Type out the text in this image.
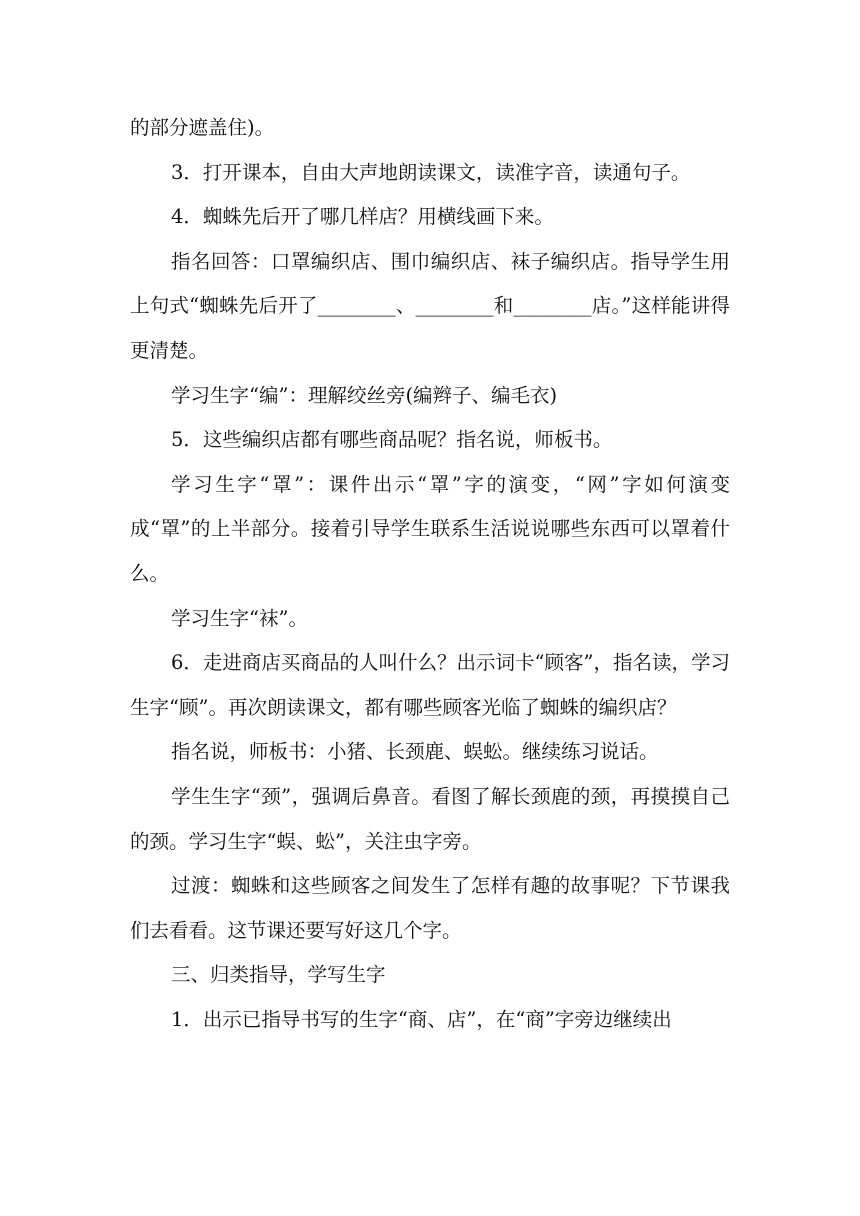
的部分遮盖住)。

3．打开课本，自由大声地朗读课文，读准字音，读通句子。

4．蜘蛛先后开了哪几样店？用横线画下来。

指名回答：口罩编织店、围巾编织店、袜子编织店。指导学生用上句式“蜘蛛先后开了________、________和________店。”这样能讲得更清楚。

学习生字“编”：理解绞丝旁(编辫子、编毛衣)

5．这些编织店都有哪些商品呢？指名说，师板书。

学习生字“罩”：课件出示“罩”字的演变，“网”字如何演变成“罩”的上半部分。接着引导学生联系生活说说哪些东西可以罩着什么。

学习生字“袜”。

6．走进商店买商品的人叫什么？出示词卡“顾客”，指名读，学习生字“顾”。再次朗读课文，都有哪些顾客光临了蜘蛛的编织店？

指名说，师板书：小猪、长颈鹿、蜈蚣。继续练习说话。

学生生字“颈”，强调后鼻音。看图了解长颈鹿的颈，再摸摸自己的颈。学习生字“蜈、蚣”，关注虫字旁。

过渡：蜘蛛和这些顾客之间发生了怎样有趣的故事呢？下节课我们去看看。这节课还要写好这几个字。

三、归类指导，学写生字

1．出示已指导书写的生字“商、店”，在“商”字旁边继续出
